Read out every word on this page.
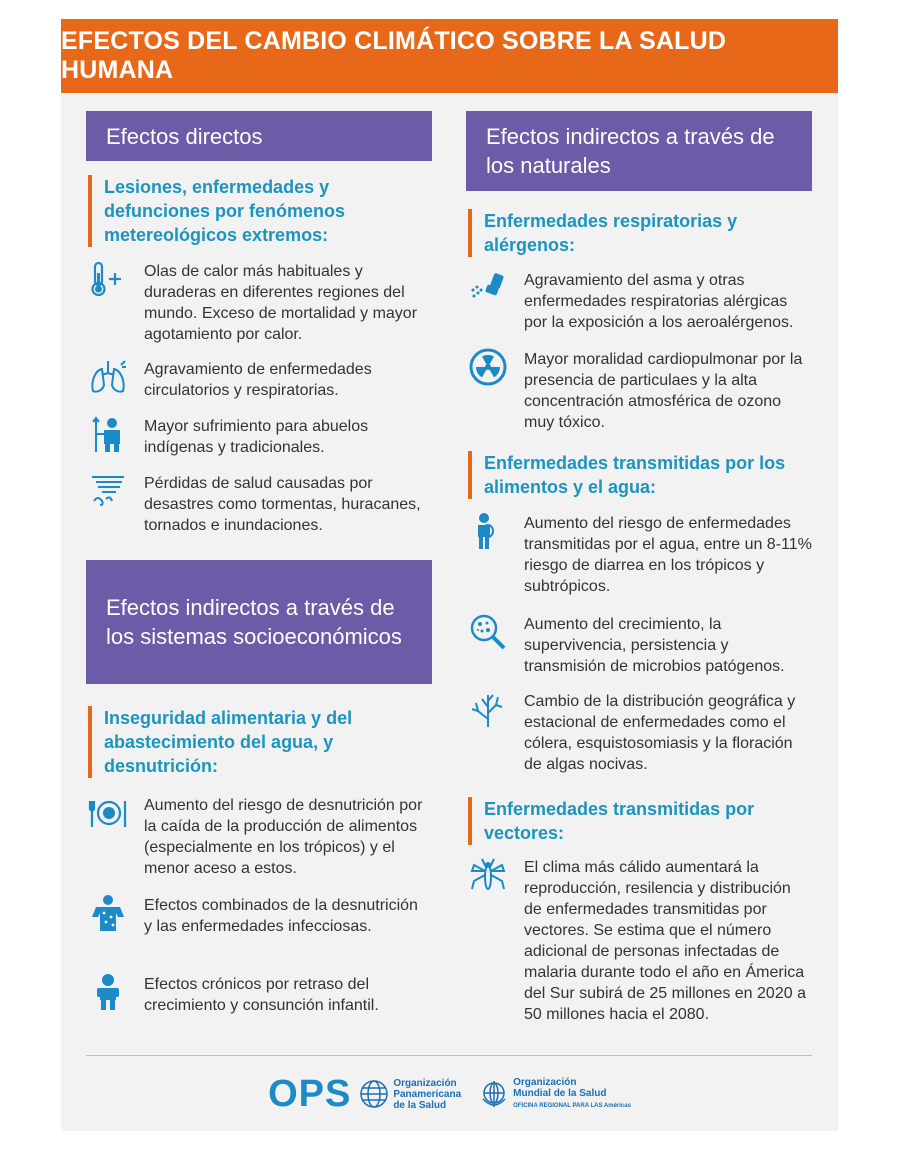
EFECTOS DEL CAMBIO CLIMÁTICO SOBRE LA SALUD HUMANA
Efectos directos
Lesiones, enfermedades y defunciones por fenómenos metereológicos extremos:
Olas de calor más habituales y duraderas en diferentes regiones del mundo. Exceso de mortalidad y mayor agotamiento por calor.
Agravamiento de enfermedades circulatorios y respiratorias.
Mayor sufrimiento para abuelos indígenas y tradicionales.
Pérdidas de salud causadas por desastres como tormentas, huracanes, tornados e inundaciones.
Efectos indirectos a través de los sistemas socioeconómicos
Inseguridad alimentaria y del abastecimiento del agua, y desnutrición:
Aumento del riesgo de desnutrición por la caída de la producción de alimentos (especialmente en los trópicos) y el menor aceso a estos.
Efectos combinados de la desnutrición y las enfermedades infecciosas.
Efectos crónicos por retraso del crecimiento y consunción infantil.
Efectos indirectos a través de los naturales
Enfermedades respiratorias y alérgenos:
Agravamiento del asma y otras enfermedades respiratorias alérgicas por la exposición a los aeroalérgenos.
Mayor moralidad cardiopulmonar por la presencia de particulaes y la alta concentración atmosférica de ozono muy tóxico.
Enfermedades transmitidas por los alimentos y el agua:
Aumento del riesgo de enfermedades transmitidas por el agua, entre un 8-11% riesgo de diarrea en los trópicos y subtrópicos.
Aumento del crecimiento, la supervivencia, persistencia y transmisión de microbios patógenos.
Cambio de la distribución geográfica y estacional de enfermedades como el cólera, esquistosomiasis y la floración de algas nocivas.
Enfermedades transmitidas por vectores:
El clima más cálido aumentará la reproducción, resilencia y distribución de enfermedades transmitidas por vectores. Se estima que el número adicional de personas infectadas de malaria durante todo el año en Ámerica del Sur subirá de 25 millones en 2020 a 50 millones hacia el 2080.
OPS	Organización
Panamericana
de la Salud
Organización
Mundial de la Salud
OFICINA REGIONAL PARA LAS Américas
